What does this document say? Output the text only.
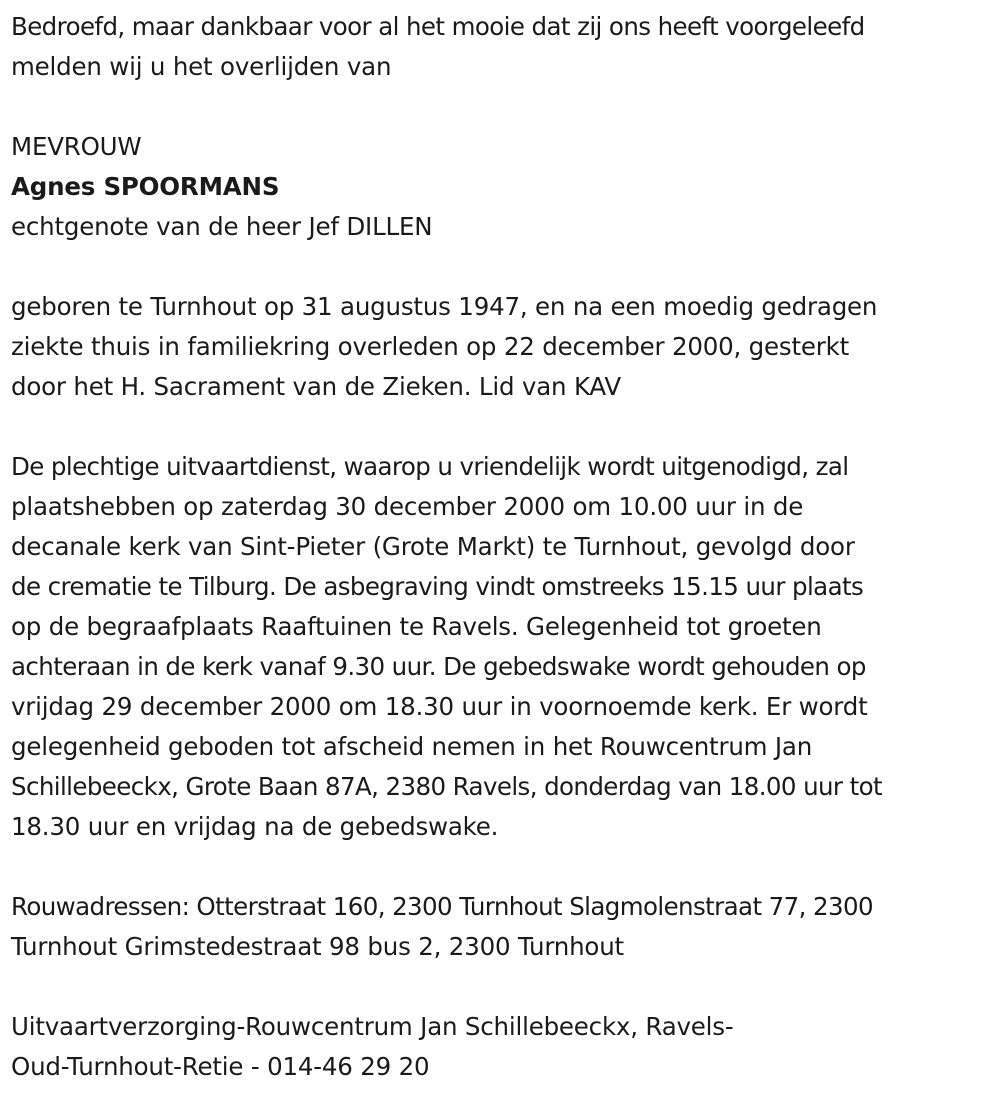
Bedroefd, maar dankbaar voor al het mooie dat zij ons heeft voorgeleefd
melden wij u het overlijden van
MEVROUW
Agnes SPOORMANS
echtgenote van de heer Jef DILLEN
geboren te Turnhout op 31 augustus 1947, en na een moedig gedragen
ziekte thuis in familiekring overleden op 22 december 2000, gesterkt
door het H. Sacrament van de Zieken. Lid van KAV
De plechtige uitvaartdienst, waarop u vriendelijk wordt uitgenodigd, zal
plaatshebben op zaterdag 30 december 2000 om 10.00 uur in de
decanale kerk van Sint-Pieter (Grote Markt) te Turnhout, gevolgd door
de crematie te Tilburg. De asbegraving vindt omstreeks 15.15 uur plaats
op de begraafplaats Raaftuinen te Ravels. Gelegenheid tot groeten
achteraan in de kerk vanaf 9.30 uur. De gebedswake wordt gehouden op
vrijdag 29 december 2000 om 18.30 uur in voornoemde kerk. Er wordt
gelegenheid geboden tot afscheid nemen in het Rouwcentrum Jan
Schillebeeckx, Grote Baan 87A, 2380 Ravels, donderdag van 18.00 uur tot
18.30 uur en vrijdag na de gebedswake.
Rouwadressen: Otterstraat 160, 2300 Turnhout Slagmolenstraat 77, 2300
Turnhout Grimstedestraat 98 bus 2, 2300 Turnhout
Uitvaartverzorging-Rouwcentrum Jan Schillebeeckx, Ravels-
Oud-Turnhout-Retie - 014-46 29 20
